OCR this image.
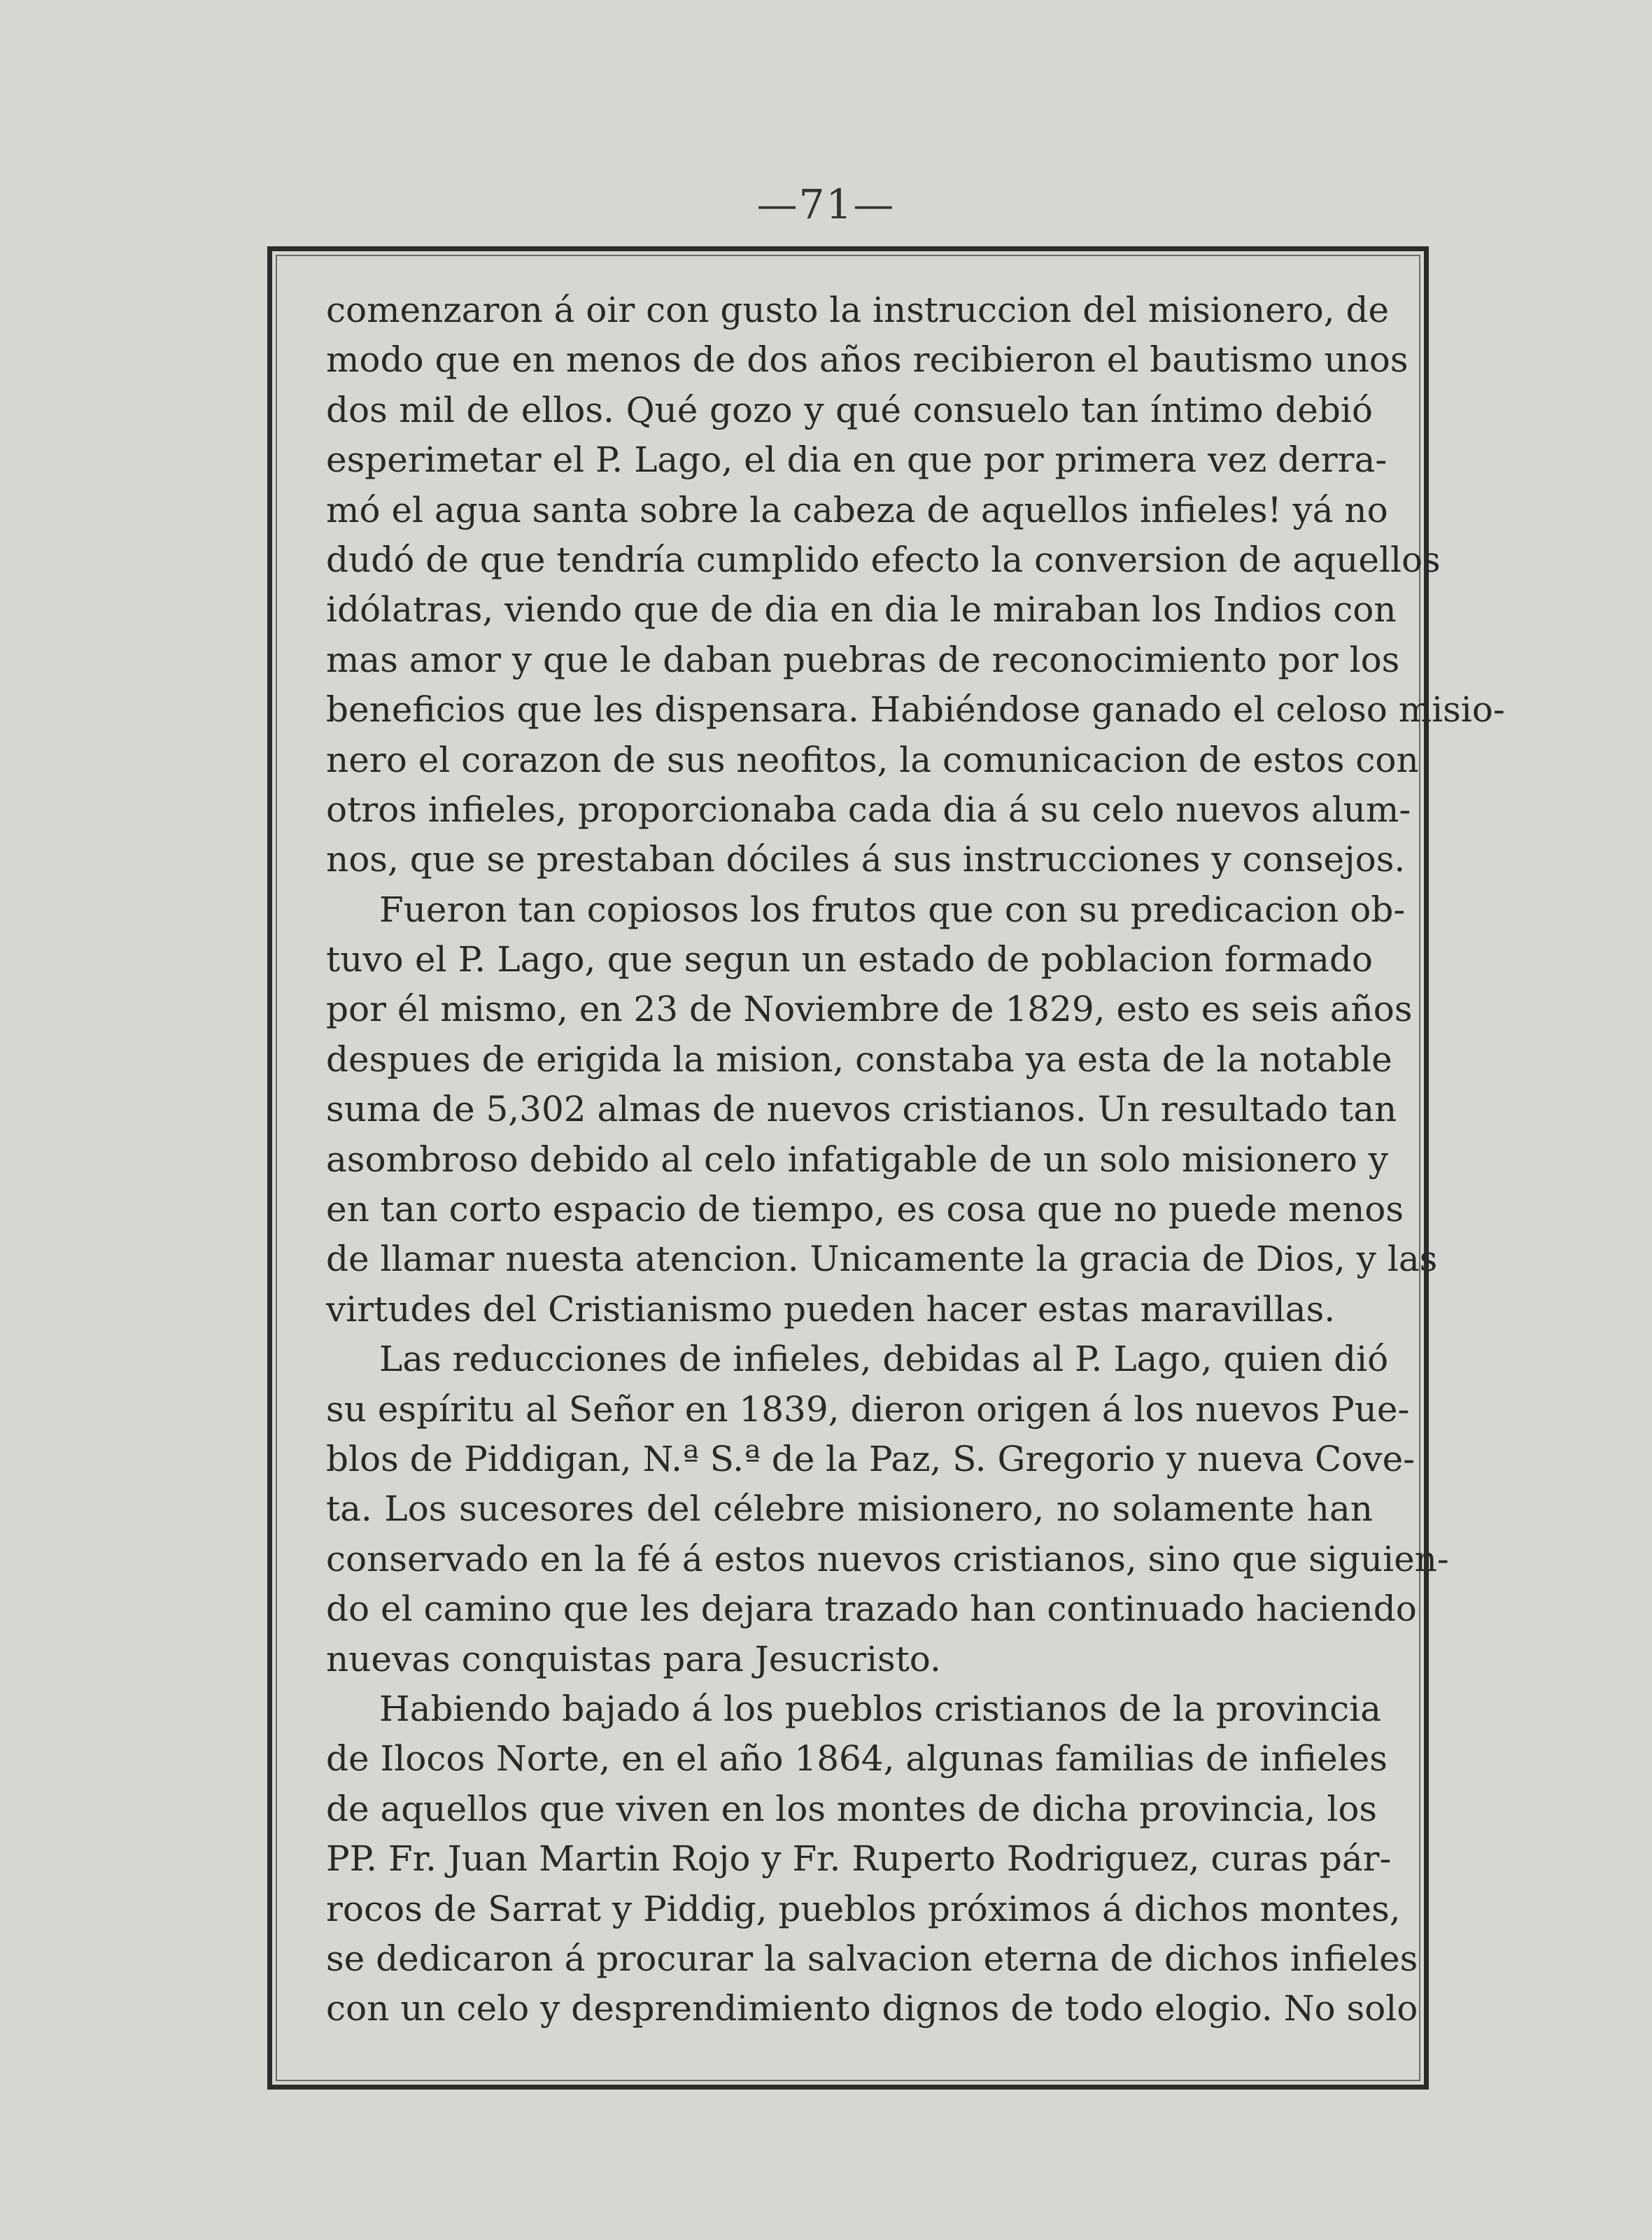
—71—
comenzaron á oir con gusto la instruccion del misionero, de
modo que en menos de dos años recibieron el bautismo unos
dos mil de ellos. Qué gozo y qué consuelo tan íntimo debió
esperimetar el P. Lago, el dia en que por primera vez derra-
mó el agua santa sobre la cabeza de aquellos infieles! yá no
dudó de que tendría cumplido efecto la conversion de aquellos
idólatras, viendo que de dia en dia le miraban los Indios con
mas amor y que le daban puebras de reconocimiento por los
beneficios que les dispensara. Habiéndose ganado el celoso misio-
nero el corazon de sus neofitos, la comunicacion de estos con
otros infieles, proporcionaba cada dia á su celo nuevos alum-
nos, que se prestaban dóciles á sus instrucciones y consejos.
Fueron tan copiosos los frutos que con su predicacion ob-
tuvo el P. Lago, que segun un estado de poblacion formado
por él mismo, en 23 de Noviembre de 1829, esto es seis años
despues de erigida la mision, constaba ya esta de la notable
suma de 5,302 almas de nuevos cristianos. Un resultado tan
asombroso debido al celo infatigable de un solo misionero y
en tan corto espacio de tiempo, es cosa que no puede menos
de llamar nuesta atencion. Unicamente la gracia de Dios, y las
virtudes del Cristianismo pueden hacer estas maravillas.
Las reducciones de infieles, debidas al P. Lago, quien dió
su espíritu al Señor en 1839, dieron origen á los nuevos Pue-
blos de Piddigan, N.ª S.ª de la Paz, S. Gregorio y nueva Cove-
ta. Los sucesores del célebre misionero, no solamente han
conservado en la fé á estos nuevos cristianos, sino que siguien-
do el camino que les dejara trazado han continuado haciendo
nuevas conquistas para Jesucristo.
Habiendo bajado á los pueblos cristianos de la provincia
de Ilocos Norte, en el año 1864, algunas familias de infieles
de aquellos que viven en los montes de dicha provincia, los
PP. Fr. Juan Martin Rojo y Fr. Ruperto Rodriguez, curas pár-
rocos de Sarrat y Piddig, pueblos próximos á dichos montes,
se dedicaron á procurar la salvacion eterna de dichos infieles
con un celo y desprendimiento dignos de todo elogio. No solo
